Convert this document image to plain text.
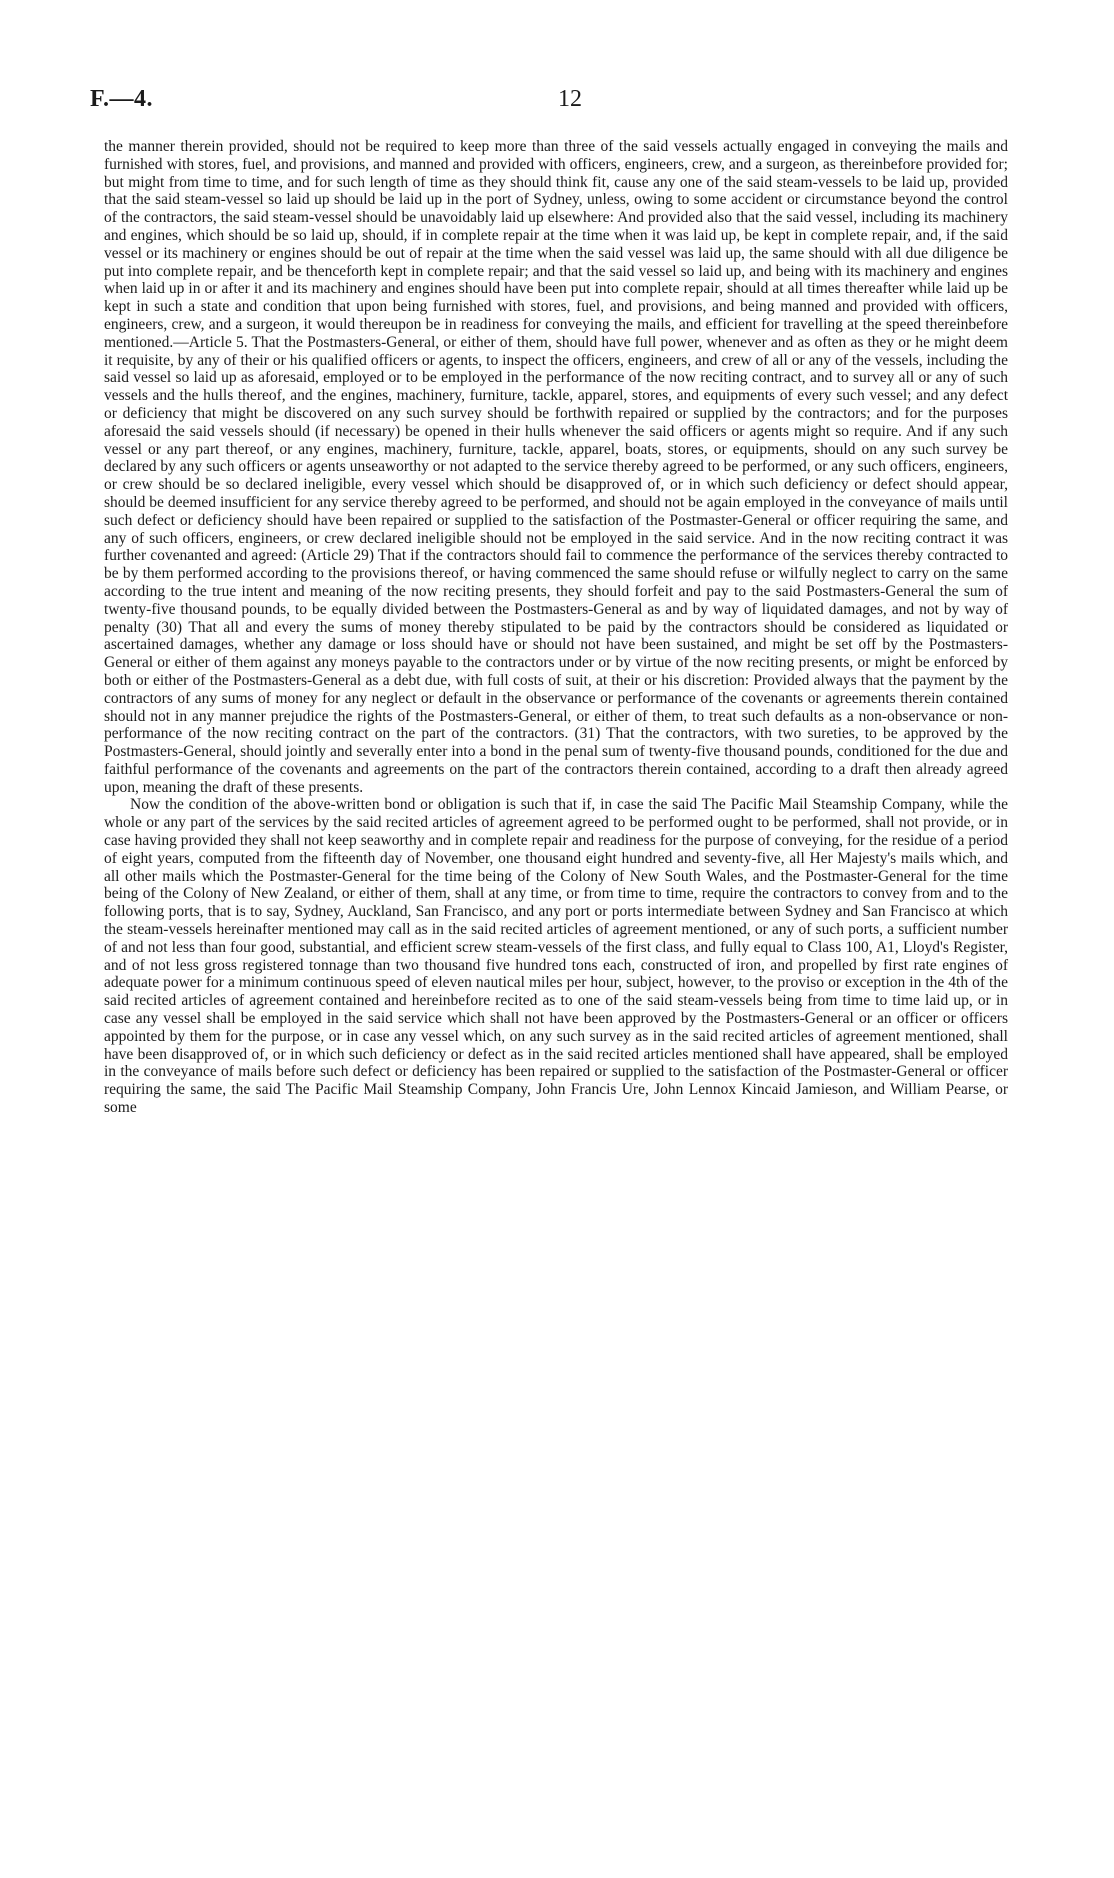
F.—4.	12

the manner therein provided, should not be required to keep more than three of the said vessels actually engaged in conveying the mails and furnished with stores, fuel, and provisions, and manned and provided with officers, engineers, crew, and a surgeon, as thereinbefore provided for; but might from time to time, and for such length of time as they should think fit, cause any one of the said steam-vessels to be laid up, provided that the said steam-vessel so laid up should be laid up in the port of Sydney, unless, owing to some accident or circumstance beyond the control of the contractors, the said steam-vessel should be unavoidably laid up elsewhere: And provided also that the said vessel, including its machinery and engines, which should be so laid up, should, if in complete repair at the time when it was laid up, be kept in complete repair, and, if the said vessel or its machinery or engines should be out of repair at the time when the said vessel was laid up, the same should with all due diligence be put into complete repair, and be thenceforth kept in complete repair; and that the said vessel so laid up, and being with its machinery and engines when laid up in or after it and its machinery and engines should have been put into complete repair, should at all times thereafter while laid up be kept in such a state and condition that upon being furnished with stores, fuel, and provisions, and being manned and provided with officers, engineers, crew, and a surgeon, it would thereupon be in readiness for conveying the mails, and efficient for travelling at the speed thereinbefore mentioned.—Article 5. That the Postmasters-General, or either of them, should have full power, whenever and as often as they or he might deem it requisite, by any of their or his qualified officers or agents, to inspect the officers, engineers, and crew of all or any of the vessels, including the said vessel so laid up as aforesaid, employed or to be employed in the performance of the now reciting contract, and to survey all or any of such vessels and the hulls thereof, and the engines, machinery, furniture, tackle, apparel, stores, and equipments of every such vessel; and any defect or deficiency that might be discovered on any such survey should be forthwith repaired or supplied by the contractors; and for the purposes aforesaid the said vessels should (if necessary) be opened in their hulls whenever the said officers or agents might so require. And if any such vessel or any part thereof, or any engines, machinery, furniture, tackle, apparel, boats, stores, or equipments, should on any such survey be declared by any such officers or agents unseaworthy or not adapted to the service thereby agreed to be performed, or any such officers, engineers, or crew should be so declared ineligible, every vessel which should be disapproved of, or in which such deficiency or defect should appear, should be deemed insufficient for any service thereby agreed to be performed, and should not be again employed in the conveyance of mails until such defect or deficiency should have been repaired or supplied to the satisfaction of the Postmaster-General or officer requiring the same, and any of such officers, engineers, or crew declared ineligible should not be employed in the said service. And in the now reciting contract it was further covenanted and agreed: (Article 29) That if the contractors should fail to commence the performance of the services thereby contracted to be by them performed according to the provisions thereof, or having commenced the same should refuse or wilfully neglect to carry on the same according to the true intent and meaning of the now reciting presents, they should forfeit and pay to the said Postmasters-General the sum of twenty-five thousand pounds, to be equally divided between the Postmasters-General as and by way of liquidated damages, and not by way of penalty (30) That all and every the sums of money thereby stipulated to be paid by the contractors should be considered as liquidated or ascertained damages, whether any damage or loss should have or should not have been sustained, and might be set off by the Postmasters-General or either of them against any moneys payable to the contractors under or by virtue of the now reciting presents, or might be enforced by both or either of the Postmasters-General as a debt due, with full costs of suit, at their or his discretion: Provided always that the payment by the contractors of any sums of money for any neglect or default in the observance or performance of the covenants or agreements therein contained should not in any manner prejudice the rights of the Postmasters-General, or either of them, to treat such defaults as a non-observance or non-performance of the now reciting contract on the part of the contractors. (31) That the contractors, with two sureties, to be approved by the Postmasters-General, should jointly and severally enter into a bond in the penal sum of twenty-five thousand pounds, conditioned for the due and faithful performance of the covenants and agreements on the part of the contractors therein contained, according to a draft then already agreed upon, meaning the draft of these presents.

Now the condition of the above-written bond or obligation is such that if, in case the said The Pacific Mail Steamship Company, while the whole or any part of the services by the said recited articles of agreement agreed to be performed ought to be performed, shall not provide, or in case having provided they shall not keep seaworthy and in complete repair and readiness for the purpose of conveying, for the residue of a period of eight years, computed from the fifteenth day of November, one thousand eight hundred and seventy-five, all Her Majesty's mails which, and all other mails which the Postmaster-General for the time being of the Colony of New South Wales, and the Postmaster-General for the time being of the Colony of New Zealand, or either of them, shall at any time, or from time to time, require the contractors to convey from and to the following ports, that is to say, Sydney, Auckland, San Francisco, and any port or ports intermediate between Sydney and San Francisco at which the steam-vessels hereinafter mentioned may call as in the said recited articles of agreement mentioned, or any of such ports, a sufficient number of and not less than four good, substantial, and efficient screw steam-vessels of the first class, and fully equal to Class 100, A1, Lloyd's Register, and of not less gross registered tonnage than two thousand five hundred tons each, constructed of iron, and propelled by first rate engines of adequate power for a minimum continuous speed of eleven nautical miles per hour, subject, however, to the proviso or exception in the 4th of the said recited articles of agreement contained and hereinbefore recited as to one of the said steam-vessels being from time to time laid up, or in case any vessel shall be employed in the said service which shall not have been approved by the Postmasters-General or an officer or officers appointed by them for the purpose, or in case any vessel which, on any such survey as in the said recited articles of agreement mentioned, shall have been disapproved of, or in which such deficiency or defect as in the said recited articles mentioned shall have appeared, shall be employed in the conveyance of mails before such defect or deficiency has been repaired or supplied to the satisfaction of the Postmaster-General or officer requiring the same, the said The Pacific Mail Steamship Company, John Francis Ure, John Lennox Kincaid Jamieson, and William Pearse, or some
